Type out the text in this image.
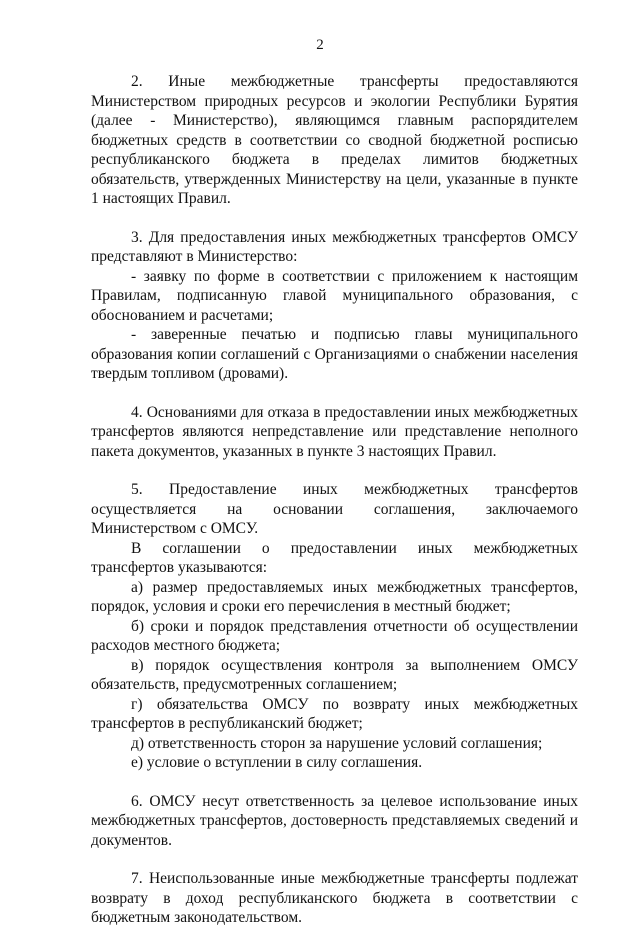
2

2. Иные межбюджетные трансферты предоставляются Министерством природных ресурсов и экологии Республики Бурятия (далее - Министерство), являющимся главным распорядителем бюджетных средств в соответствии со сводной бюджетной росписью республиканского бюджета в пределах лимитов бюджетных обязательств, утвержденных Министерству на цели, указанные в пункте 1 настоящих Правил.

3. Для предоставления иных межбюджетных трансфертов ОМСУ представляют в Министерство:

- заявку по форме в соответствии с приложением к настоящим Правилам, подписанную главой муниципального образования, с обоснованием и расчетами;

- заверенные печатью и подписью главы муниципального образования копии соглашений с Организациями о снабжении населения твердым топливом (дровами).

4. Основаниями для отказа в предоставлении иных межбюджетных трансфертов являются непредставление или представление неполного пакета документов, указанных в пункте 3 настоящих Правил.

5. Предоставление иных межбюджетных трансфертов осуществляется на основании соглашения, заключаемого Министерством с ОМСУ.

В соглашении о предоставлении иных межбюджетных трансфертов указываются:

а) размер предоставляемых иных межбюджетных трансфертов, порядок, условия и сроки его перечисления в местный бюджет;

б) сроки и порядок представления отчетности об осуществлении расходов местного бюджета;

в) порядок осуществления контроля за выполнением ОМСУ обязательств, предусмотренных соглашением;

г) обязательства ОМСУ по возврату иных межбюджетных трансфертов в республиканский бюджет;

д) ответственность сторон за нарушение условий соглашения;

е) условие о вступлении в силу соглашения.

6. ОМСУ несут ответственность за целевое использование иных межбюджетных трансфертов, достоверность представляемых сведений и документов.

7. Неиспользованные иные межбюджетные трансферты подлежат возврату в доход республиканского бюджета в соответствии с бюджетным законодательством.
